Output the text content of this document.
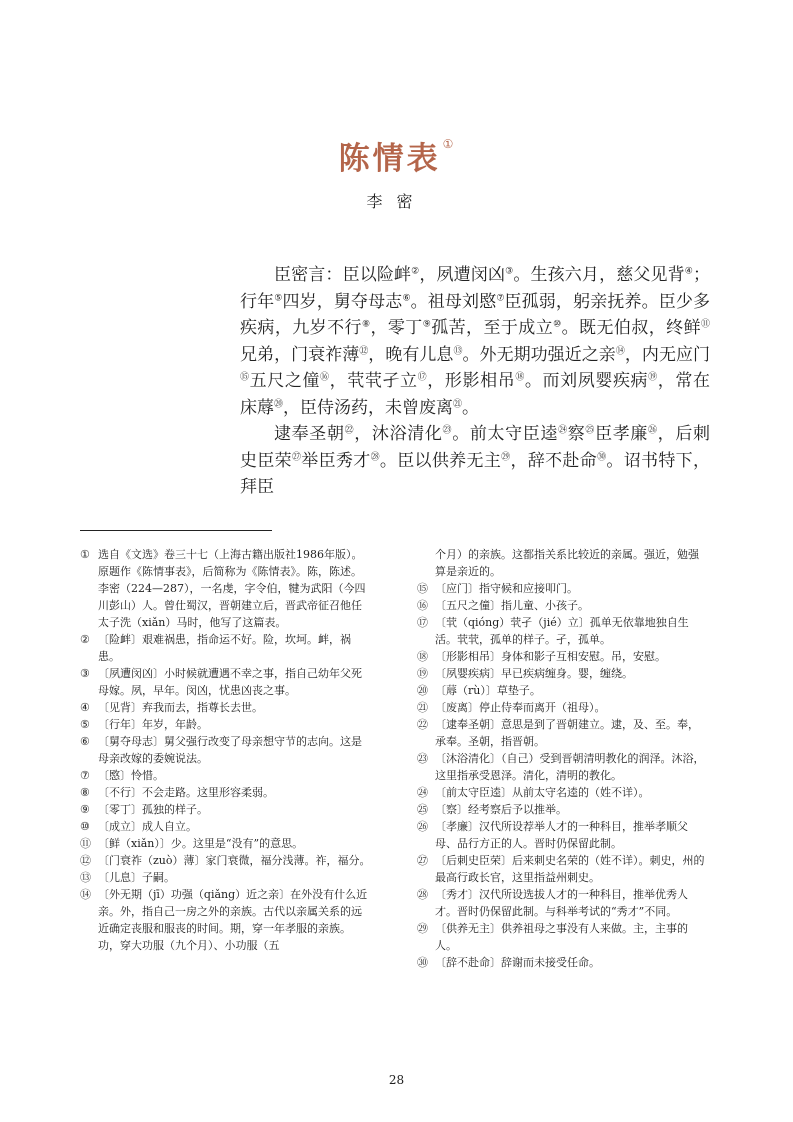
陈情表 ①
李密

臣密言：臣以险衅②，夙遭闵凶③。生孩六月，慈父见背④；行年⑤四岁，舅夺母志⑥。祖母刘愍⑦臣孤弱，躬亲抚养。臣少多疾病，九岁不行⑧，零丁⑨孤苦，至于成立⑩。既无伯叔，终鲜⑪兄弟，门衰祚薄⑫，晚有儿息⑬。外无期功强近之亲⑭，内无应门⑮五尺之僮⑯，茕茕孑立⑰，形影相吊⑱。而刘夙婴疾病⑲，常在床蓐⑳，臣侍汤药，未曾废离$^㉑$。

逮奉圣朝$^㉒$，沐浴清化$^㉓$。前太守臣逵$^㉔$察$^㉕$臣孝廉$^㉖$，后刺史臣荣$^㉗$举臣秀才$^㉘$。臣以供养无主$^㉙$，辞不赴命$^㉚$。诏书特下，拜臣

① 选自《文选》卷三十七（上海古籍出版社1986年版）。原题作《陈情事表》，后简称为《陈情表》。陈，陈述。李密（224—287），一名虔，字令伯，犍为武阳（今四川彭山）人。曾仕蜀汉，晋朝建立后，晋武帝征召他任太子洗（xiǎn）马时，他写了这篇表。
② 〔险衅〕艰难祸患，指命运不好。险，坎坷。衅，祸患。
③ 〔夙遭闵凶〕小时候就遭遇不幸之事，指自己幼年父死母嫁。夙，早年。闵凶，忧患凶丧之事。
④ 〔见背〕弃我而去，指尊长去世。
⑤ 〔行年〕年岁，年龄。
⑥ 〔舅夺母志〕舅父强行改变了母亲想守节的志向。这是母亲改嫁的委婉说法。
⑦ 〔愍〕怜惜。
⑧ 〔不行〕不会走路。这里形容柔弱。
⑨ 〔零丁〕孤独的样子。
⑩ 〔成立〕成人自立。
⑪ 〔鲜（xiǎn）〕少。这里是“没有”的意思。
⑫ 〔门衰祚（zuò）薄〕家门衰微，福分浅薄。祚，福分。
⑬ 〔儿息〕子嗣。
⑭ 〔外无期（jī）功强（qiǎng）近之亲〕在外没有什么近亲。外，指自己一房之外的亲族。古代以亲属关系的远近确定丧服和服丧的时间。期，穿一年孝服的亲族。功，穿大功服（九个月）、小功服（五
个月）的亲族。这都指关系比较近的亲属。强近，勉强算是亲近的。
⑮ 〔应门〕指守候和应接叩门。
⑯ 〔五尺之僮〕指儿童、小孩子。
⑰ 〔茕（qióng）茕孑（jié）立〕孤单无依靠地独自生活。茕茕，孤单的样子。孑，孤单。
⑱ 〔形影相吊〕身体和影子互相安慰。吊，安慰。
⑲ 〔夙婴疾病〕早已疾病缠身。婴，缠绕。
⑳ 〔蓐（rù）〕草垫子。
㉑ 〔废离〕停止侍奉而离开（祖母）。
㉒ 〔逮奉圣朝〕意思是到了晋朝建立。逮，及、至。奉，承奉。圣朝，指晋朝。
㉓ 〔沐浴清化〕（自己）受到晋朝清明教化的润泽。沐浴，这里指承受恩泽。清化，清明的教化。
㉔ 〔前太守臣逵〕从前太守名逵的（姓不详）。
㉕ 〔察〕经考察后予以推举。
㉖ 〔孝廉〕汉代所设荐举人才的一种科目，推举孝顺父母、品行方正的人。晋时仍保留此制。
㉗ 〔后刺史臣荣〕后来刺史名荣的（姓不详）。刺史，州的最高行政长官，这里指益州刺史。
㉘ 〔秀才〕汉代所设选拔人才的一种科目，推举优秀人才。晋时仍保留此制。与科举考试的“秀才”不同。
㉙ 〔供养无主〕供养祖母之事没有人来做。主，主事的人。
㉚ 〔辞不赴命〕辞谢而未接受任命。
28
